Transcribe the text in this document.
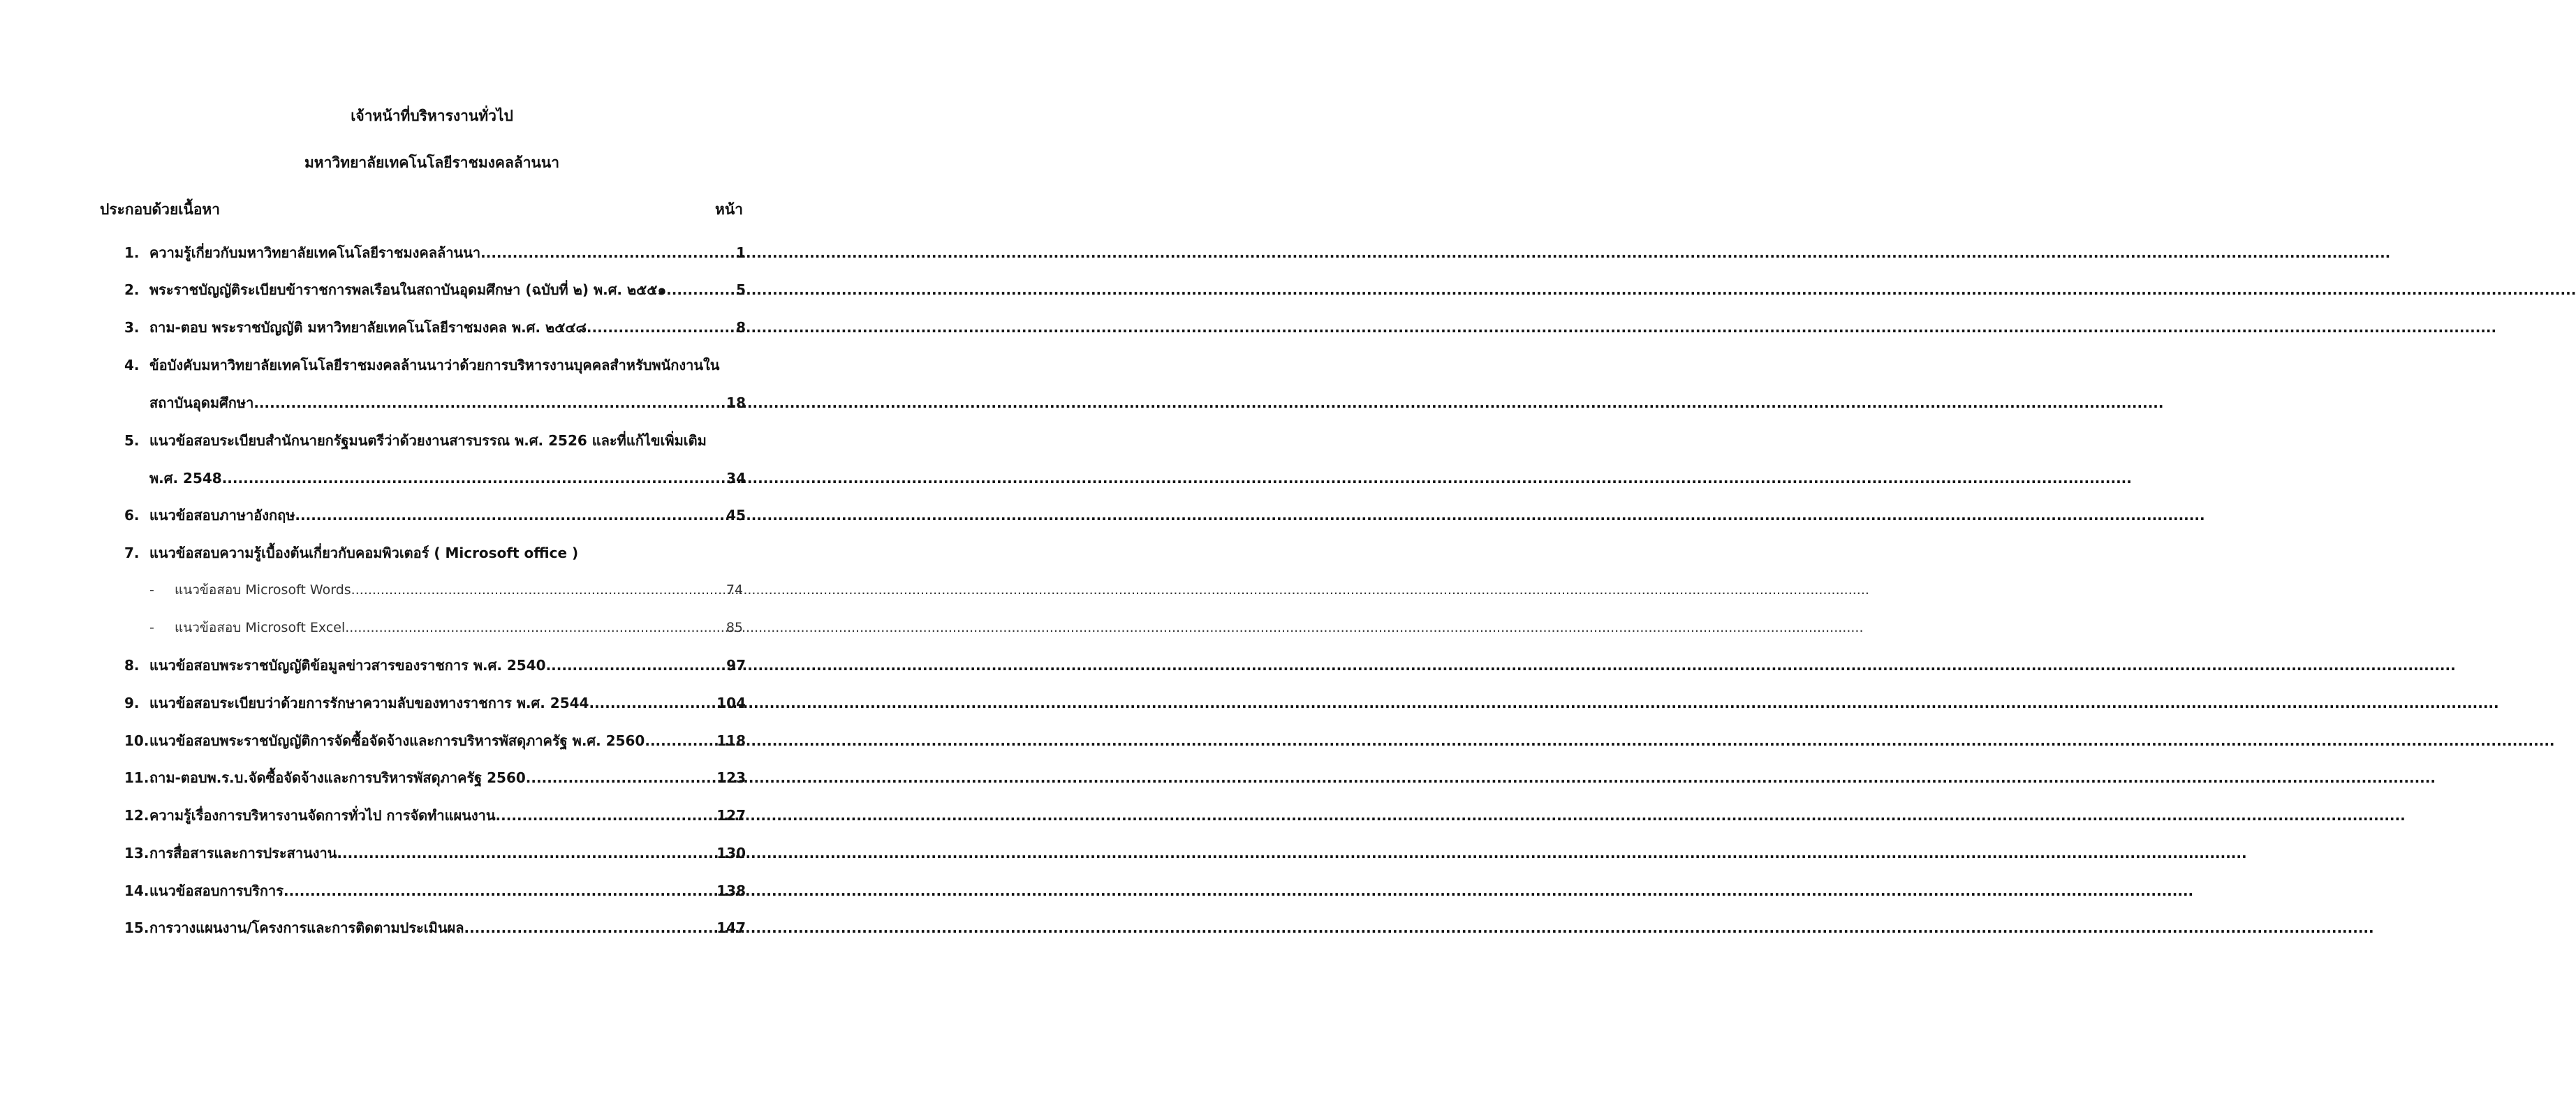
เจ้าหน้าที่บริหารงานทั่วไป
มหาวิทยาลัยเทคโนโลยีราชมงคลล้านนา
ประกอบด้วยเนื้อหา	หน้า
1. ความรู้เกี่ยวกับมหาวิทยาลัยเทคโนโลยีราชมงคลล้านนา .....	1
2. พระราชบัญญัติระเบียบข้าราชการพลเรือนในสถาบันอุดมศึกษา (ฉบับที่ ๒) พ.ศ. ๒๕๕๑ .....	5
3. ถาม-ตอบ พระราชบัญญัติ มหาวิทยาลัยเทคโนโลยีราชมงคล พ.ศ. ๒๕๔๘ .....	8
4. ข้อบังคับมหาวิทยาลัยเทคโนโลยีราชมงคลล้านนาว่าด้วยการบริหารงานบุคคลสำหรับพนักงานใน
สถาบันอุดมศึกษา .....	18
5. แนวข้อสอบระเบียบสำนักนายกรัฐมนตรีว่าด้วยงานสารบรรณ พ.ศ. 2526 และที่แก้ไขเพิ่มเติม
พ.ศ. 2548 .....	34
6. แนวข้อสอบภาษาอังกฤษ .....	45
7. แนวข้อสอบความรู้เบื้องต้นเกี่ยวกับคอมพิวเตอร์ ( Microsoft office )
-	แนวข้อสอบ Microsoft Words .....	74
-	แนวข้อสอบ Microsoft Excel .....	85
8. แนวข้อสอบพระราชบัญญัติข้อมูลข่าวสารของราชการ พ.ศ. 2540 .....	97
9. แนวข้อสอบระเบียบว่าด้วยการรักษาความลับของทางราชการ พ.ศ. 2544 .....	104
10. แนวข้อสอบพระราชบัญญัติการจัดซื้อจัดจ้างและการบริหารพัสดุภาครัฐ พ.ศ. 2560 .....	118
11. ถาม-ตอบพ.ร.บ.จัดซื้อจัดจ้างและการบริหารพัสดุภาครัฐ 2560 .....	123
12. ความรู้เรื่องการบริหารงานจัดการทั่วไป การจัดทำแผนงาน .....	127
13. การสื่อสารและการประสานงาน .....	130
14. แนวข้อสอบการบริการ .....	138
15. การวางแผนงาน/โครงการและการติดตามประเมินผล .....	147
